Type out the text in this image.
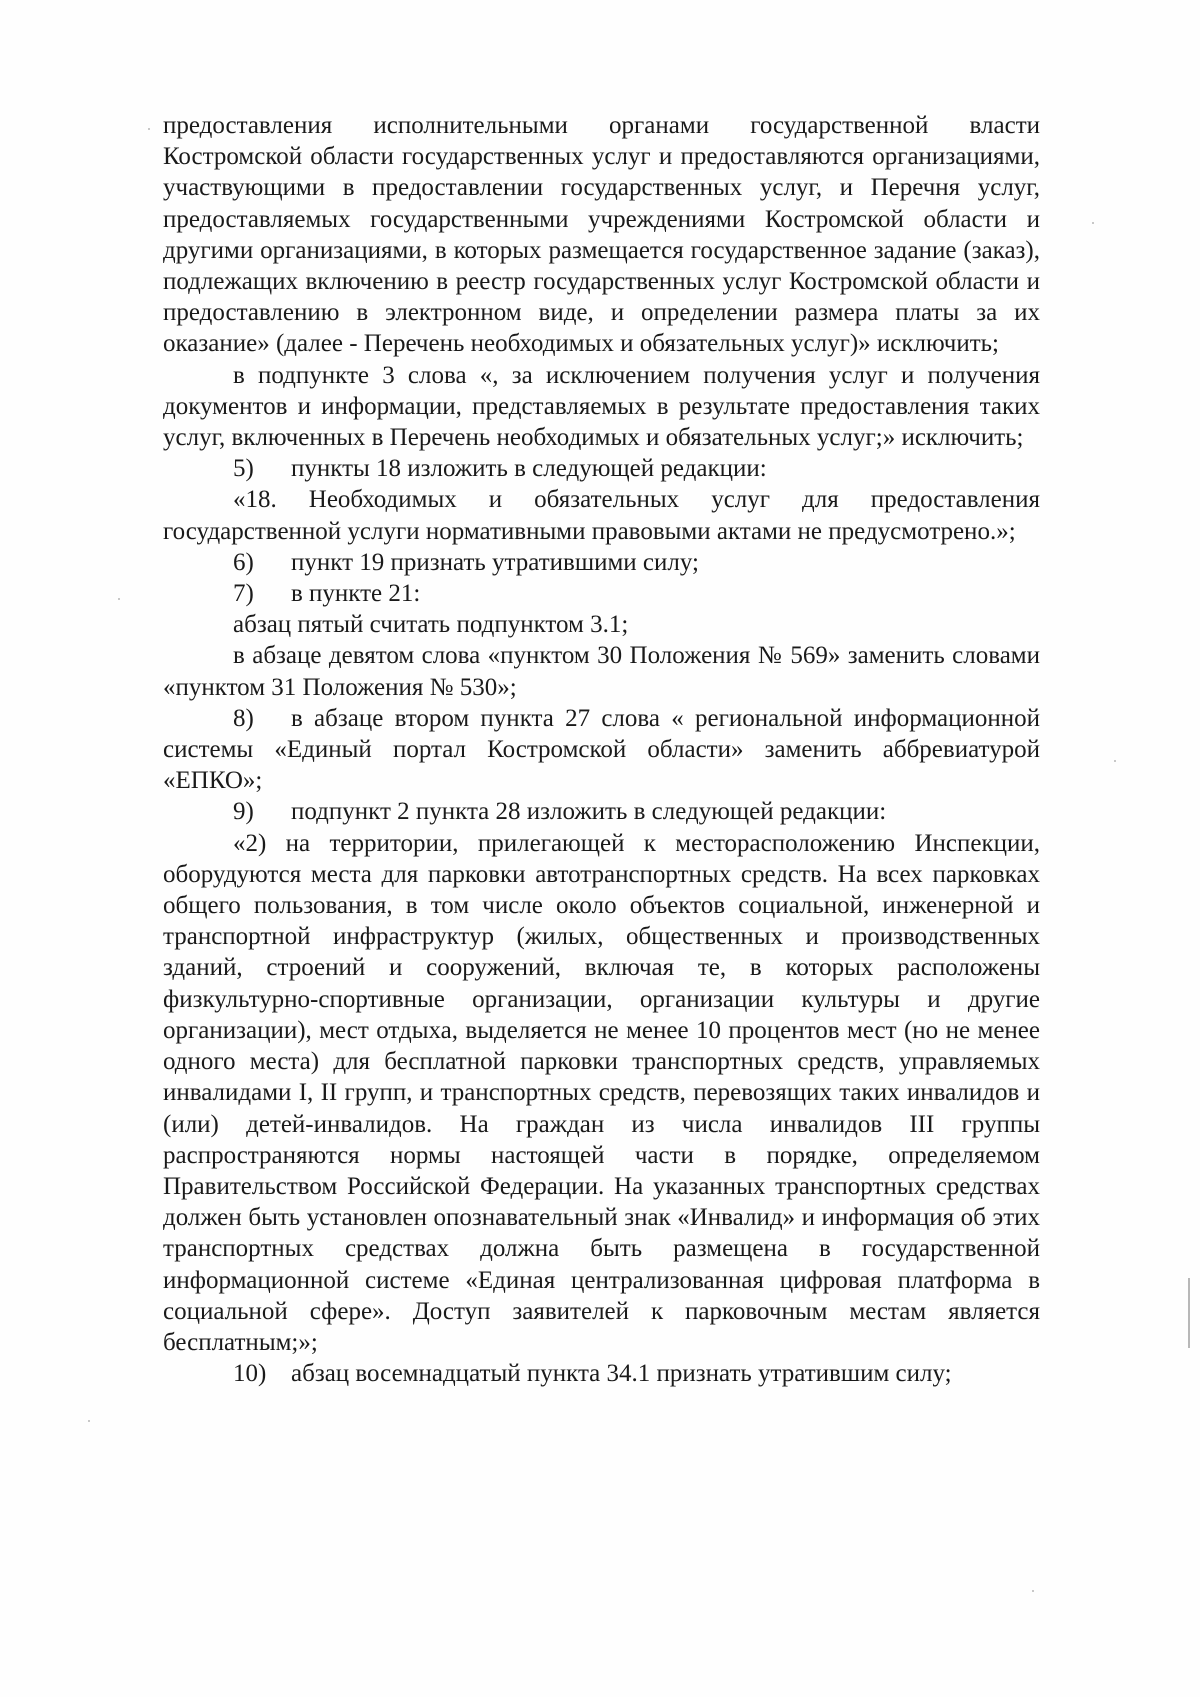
предоставления исполнительными органами государственной власти Костромской области государственных услуг и предоставляются организациями, участвующими в предоставлении государственных услуг, и Перечня услуг, предоставляемых государственными учреждениями Костромской области и другими организациями, в которых размещается государственное задание (заказ), подлежащих включению в реестр государственных услуг Костромской области и предоставлению в электронном виде, и определении размера платы за их оказание» (далее - Перечень необходимых и обязательных услуг)» исключить;

в подпункте 3 слова «, за исключением получения услуг и получения документов и информации, представляемых в результате предоставления таких услуг, включенных в Перечень необходимых и обязательных услуг;» исключить;

5) пункты 18 изложить в следующей редакции:

«18. Необходимых и обязательных услуг для предоставления государственной услуги нормативными правовыми актами не предусмотрено.»;

6) пункт 19 признать утратившими силу;

7) в пункте 21:

абзац пятый считать подпунктом 3.1;

в абзаце девятом слова «пунктом 30 Положения № 569» заменить словами «пунктом 31 Положения № 530»;

8) в абзаце втором пункта 27 слова « региональной информационной системы «Единый портал Костромской области» заменить аббревиатурой «ЕПКО»;

9) подпункт 2 пункта 28 изложить в следующей редакции:

«2) на территории, прилегающей к месторасположению Инспекции, оборудуются места для парковки автотранспортных средств. На всех парковках общего пользования, в том числе около объектов социальной, инженерной и транспортной инфраструктур (жилых, общественных и производственных зданий, строений и сооружений, включая те, в которых расположены физкультурно-спортивные организации, организации культуры и другие организации), мест отдыха, выделяется не менее 10 процентов мест (но не менее одного места) для бесплатной парковки транспортных средств, управляемых инвалидами I, II групп, и транспортных средств, перевозящих таких инвалидов и (или) детей-инвалидов. На граждан из числа инвалидов III группы распространяются нормы настоящей части в порядке, определяемом Правительством Российской Федерации. На указанных транспортных средствах должен быть установлен опознавательный знак «Инвалид» и информация об этих транспортных средствах должна быть размещена в государственной информационной системе «Единая централизованная цифровая платформа в социальной сфере». Доступ заявителей к парковочным местам является бесплатным;»;

10) абзац восемнадцатый пункта 34.1 признать утратившим силу;
